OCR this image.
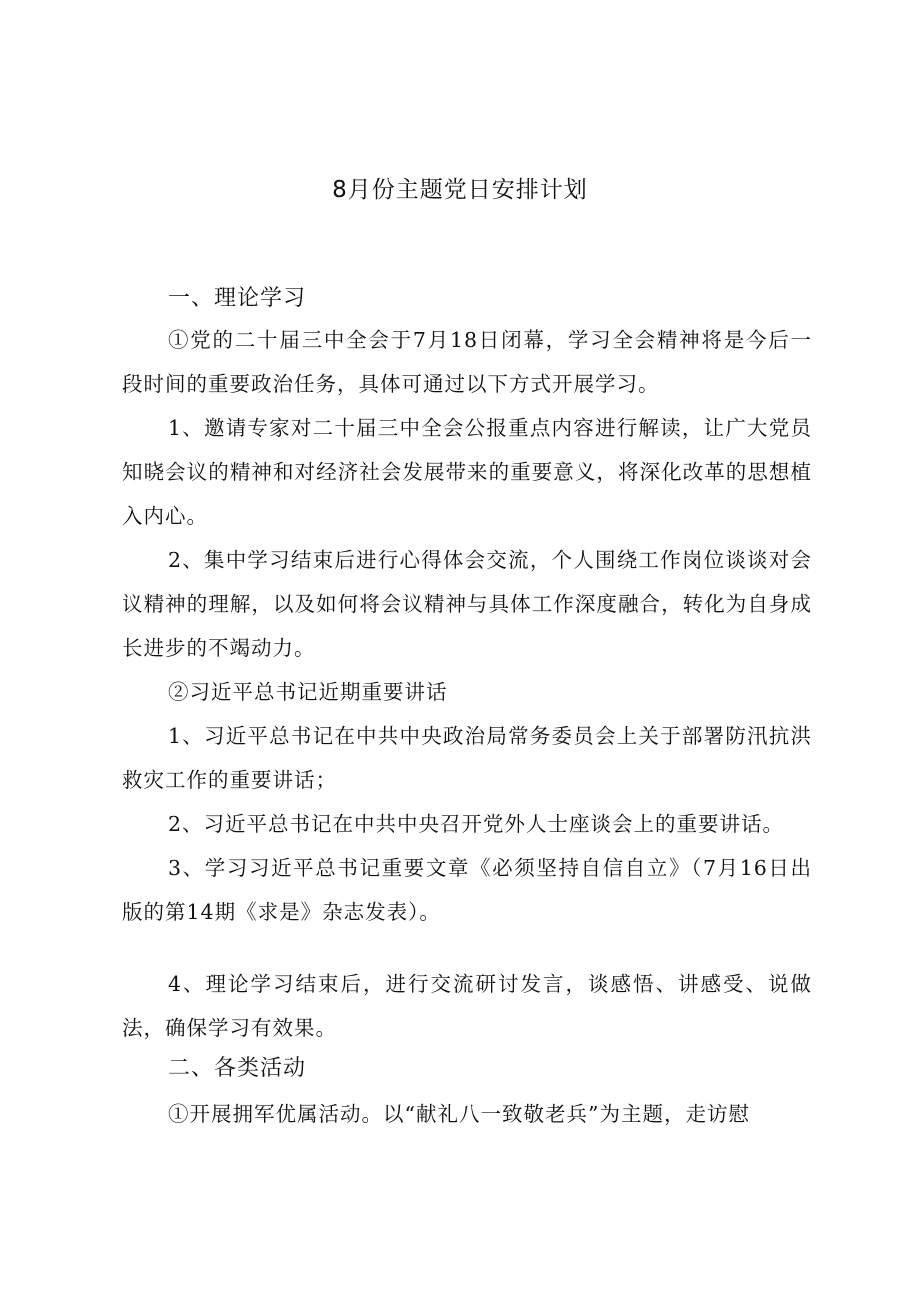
8月份主题党日安排计划
一、理论学习
①党的二十届三中全会于7月18日闭幕，学习全会精神将是今后一段时间的重要政治任务，具体可通过以下方式开展学习。
1、邀请专家对二十届三中全会公报重点内容进行解读，让广大党员知晓会议的精神和对经济社会发展带来的重要意义，将深化改革的思想植入内心。
2、集中学习结束后进行心得体会交流，个人围绕工作岗位谈谈对会议精神的理解，以及如何将会议精神与具体工作深度融合，转化为自身成长进步的不竭动力。
②习近平总书记近期重要讲话
1、习近平总书记在中共中央政治局常务委员会上关于部署防汛抗洪救灾工作的重要讲话；
2、习近平总书记在中共中央召开党外人士座谈会上的重要讲话。
3、学习习近平总书记重要文章《必须坚持自信自立》（7月16日出版的第14期《求是》杂志发表）。
4、理论学习结束后，进行交流研讨发言，谈感悟、讲感受、说做法，确保学习有效果。
二、各类活动
①开展拥军优属活动。以“献礼八一致敬老兵”为主题，走访慰
